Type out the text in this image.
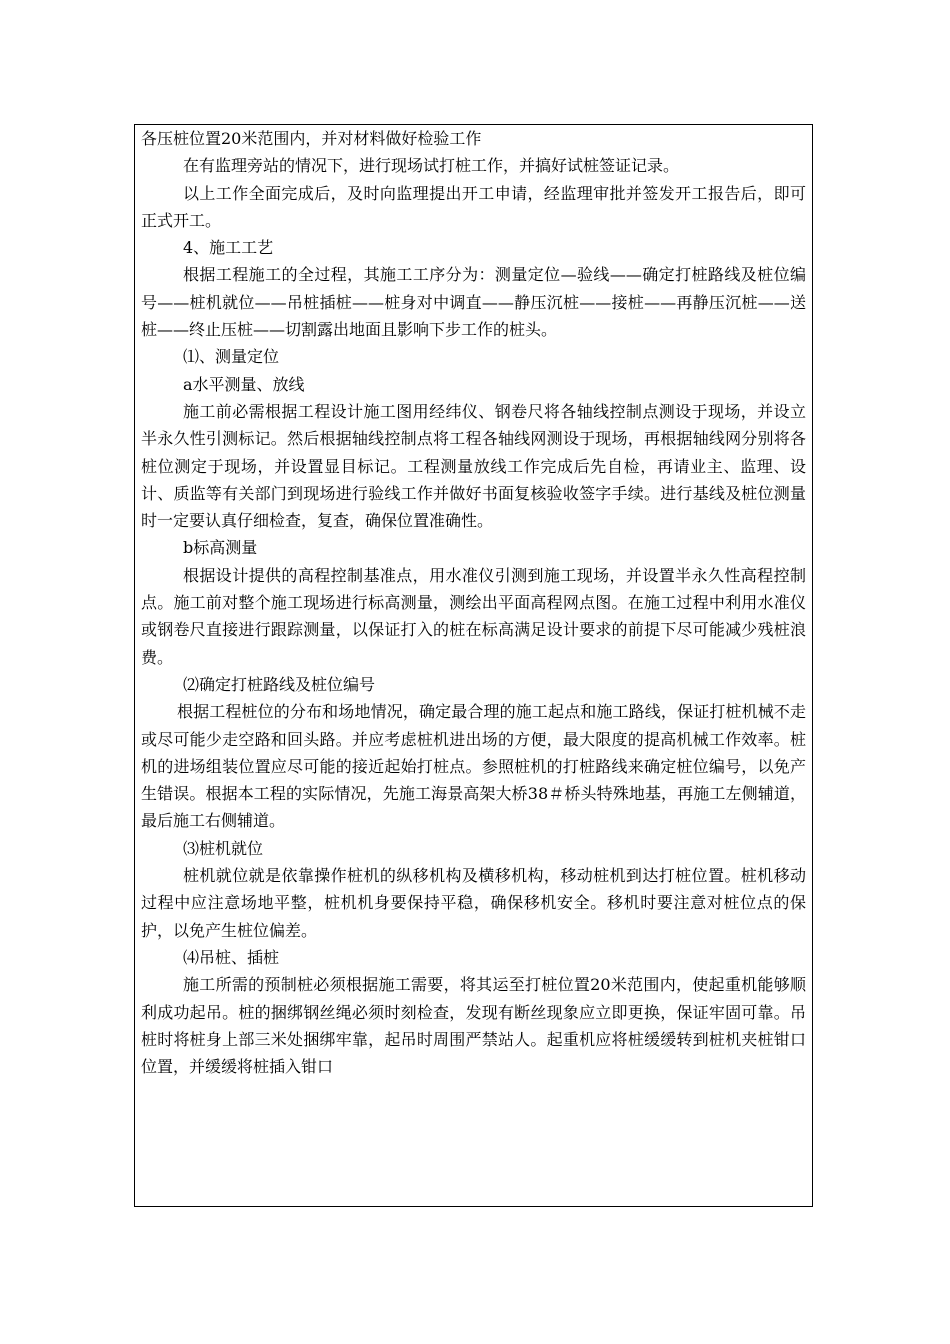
各压桩位置20米范围内，并对材料做好检验工作

在有监理旁站的情况下，进行现场试打桩工作，并搞好试桩签证记录。

以上工作全面完成后，及时向监理提出开工申请，经监理审批并签发开工报告后，即可正式开工。

4、施工工艺

根据工程施工的全过程，其施工工序分为：测量定位—验线——确定打桩路线及桩位编号——桩机就位——吊桩插桩——桩身对中调直——静压沉桩——接桩——再静压沉桩——送桩——终止压桩——切割露出地面且影响下步工作的桩头。

⑴、测量定位

a水平测量、放线

施工前必需根据工程设计施工图用经纬仪、钢卷尺将各轴线控制点测设于现场，并设立半永久性引测标记。然后根据轴线控制点将工程各轴线网测设于现场，再根据轴线网分别将各桩位测定于现场，并设置显目标记。工程测量放线工作完成后先自检，再请业主、监理、设计、质监等有关部门到现场进行验线工作并做好书面复核验收签字手续。进行基线及桩位测量时一定要认真仔细检查，复查，确保位置准确性。

b标高测量

根据设计提供的高程控制基准点，用水准仪引测到施工现场，并设置半永久性高程控制点。施工前对整个施工现场进行标高测量，测绘出平面高程网点图。在施工过程中利用水准仪或钢卷尺直接进行跟踪测量，以保证打入的桩在标高满足设计要求的前提下尽可能减少残桩浪费。

⑵确定打桩路线及桩位编号

根据工程桩位的分布和场地情况，确定最合理的施工起点和施工路线，保证打桩机械不走或尽可能少走空路和回头路。并应考虑桩机进出场的方便，最大限度的提高机械工作效率。桩机的进场组装位置应尽可能的接近起始打桩点。参照桩机的打桩路线来确定桩位编号，以免产生错误。根据本工程的实际情况，先施工海景高架大桥38＃桥头特殊地基，再施工左侧辅道，最后施工右侧辅道。

⑶桩机就位

桩机就位就是依靠操作桩机的纵移机构及横移机构，移动桩机到达打桩位置。桩机移动过程中应注意场地平整，桩机机身要保持平稳，确保移机安全。移机时要注意对桩位点的保护，以免产生桩位偏差。

⑷吊桩、插桩

施工所需的预制桩必须根据施工需要，将其运至打桩位置20米范围内，使起重机能够顺利成功起吊。桩的捆绑钢丝绳必须时刻检查，发现有断丝现象应立即更换，保证牢固可靠。吊桩时将桩身上部三米处捆绑牢靠，起吊时周围严禁站人。起重机应将桩缓缓转到桩机夹桩钳口位置，并缓缓将桩插入钳口
